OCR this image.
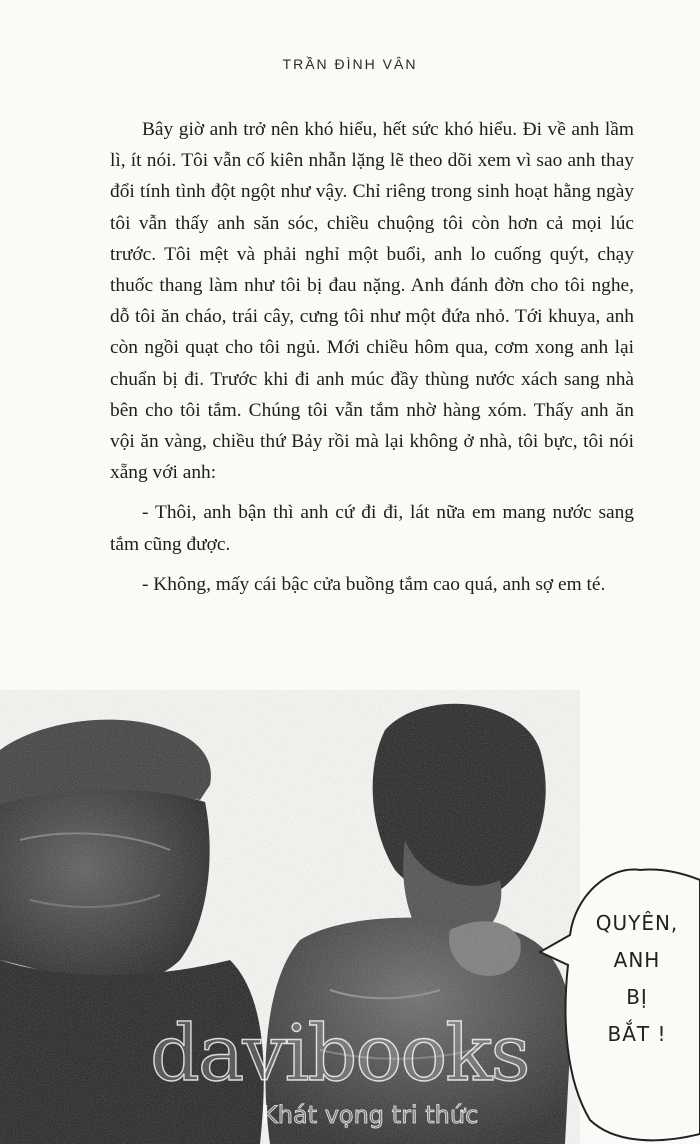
TRẦN ĐÌNH VÂN

Bây giờ anh trở nên khó hiểu, hết sức khó hiểu. Đi về anh lầm lì, ít nói. Tôi vẫn cố kiên nhẫn lặng lẽ theo dõi xem vì sao anh thay đổi tính tình đột ngột như vậy. Chỉ riêng trong sinh hoạt hằng ngày tôi vẫn thấy anh săn sóc, chiều chuộng tôi còn hơn cả mọi lúc trước. Tôi mệt và phải nghỉ một buổi, anh lo cuống quýt, chạy thuốc thang làm như tôi bị đau nặng. Anh đánh đờn cho tôi nghe, dỗ tôi ăn cháo, trái cây, cưng tôi như một đứa nhỏ. Tới khuya, anh còn ngồi quạt cho tôi ngủ. Mới chiều hôm qua, cơm xong anh lại chuẩn bị đi. Trước khi đi anh múc đầy thùng nước xách sang nhà bên cho tôi tắm. Chúng tôi vẫn tắm nhờ hàng xóm. Thấy anh ăn vội ăn vàng, chiều thứ Bảy rồi mà lại không ở nhà, tôi bực, tôi nói xẵng với anh:

- Thôi, anh bận thì anh cứ đi đi, lát nữa em mang nước sang tắm cũng được.

- Không, mấy cái bậc cửa buồng tắm cao quá, anh sợ em té.

QUYÊN,
ANH
BỊ
BẮT !
davibooks
Khát vọng tri thức
